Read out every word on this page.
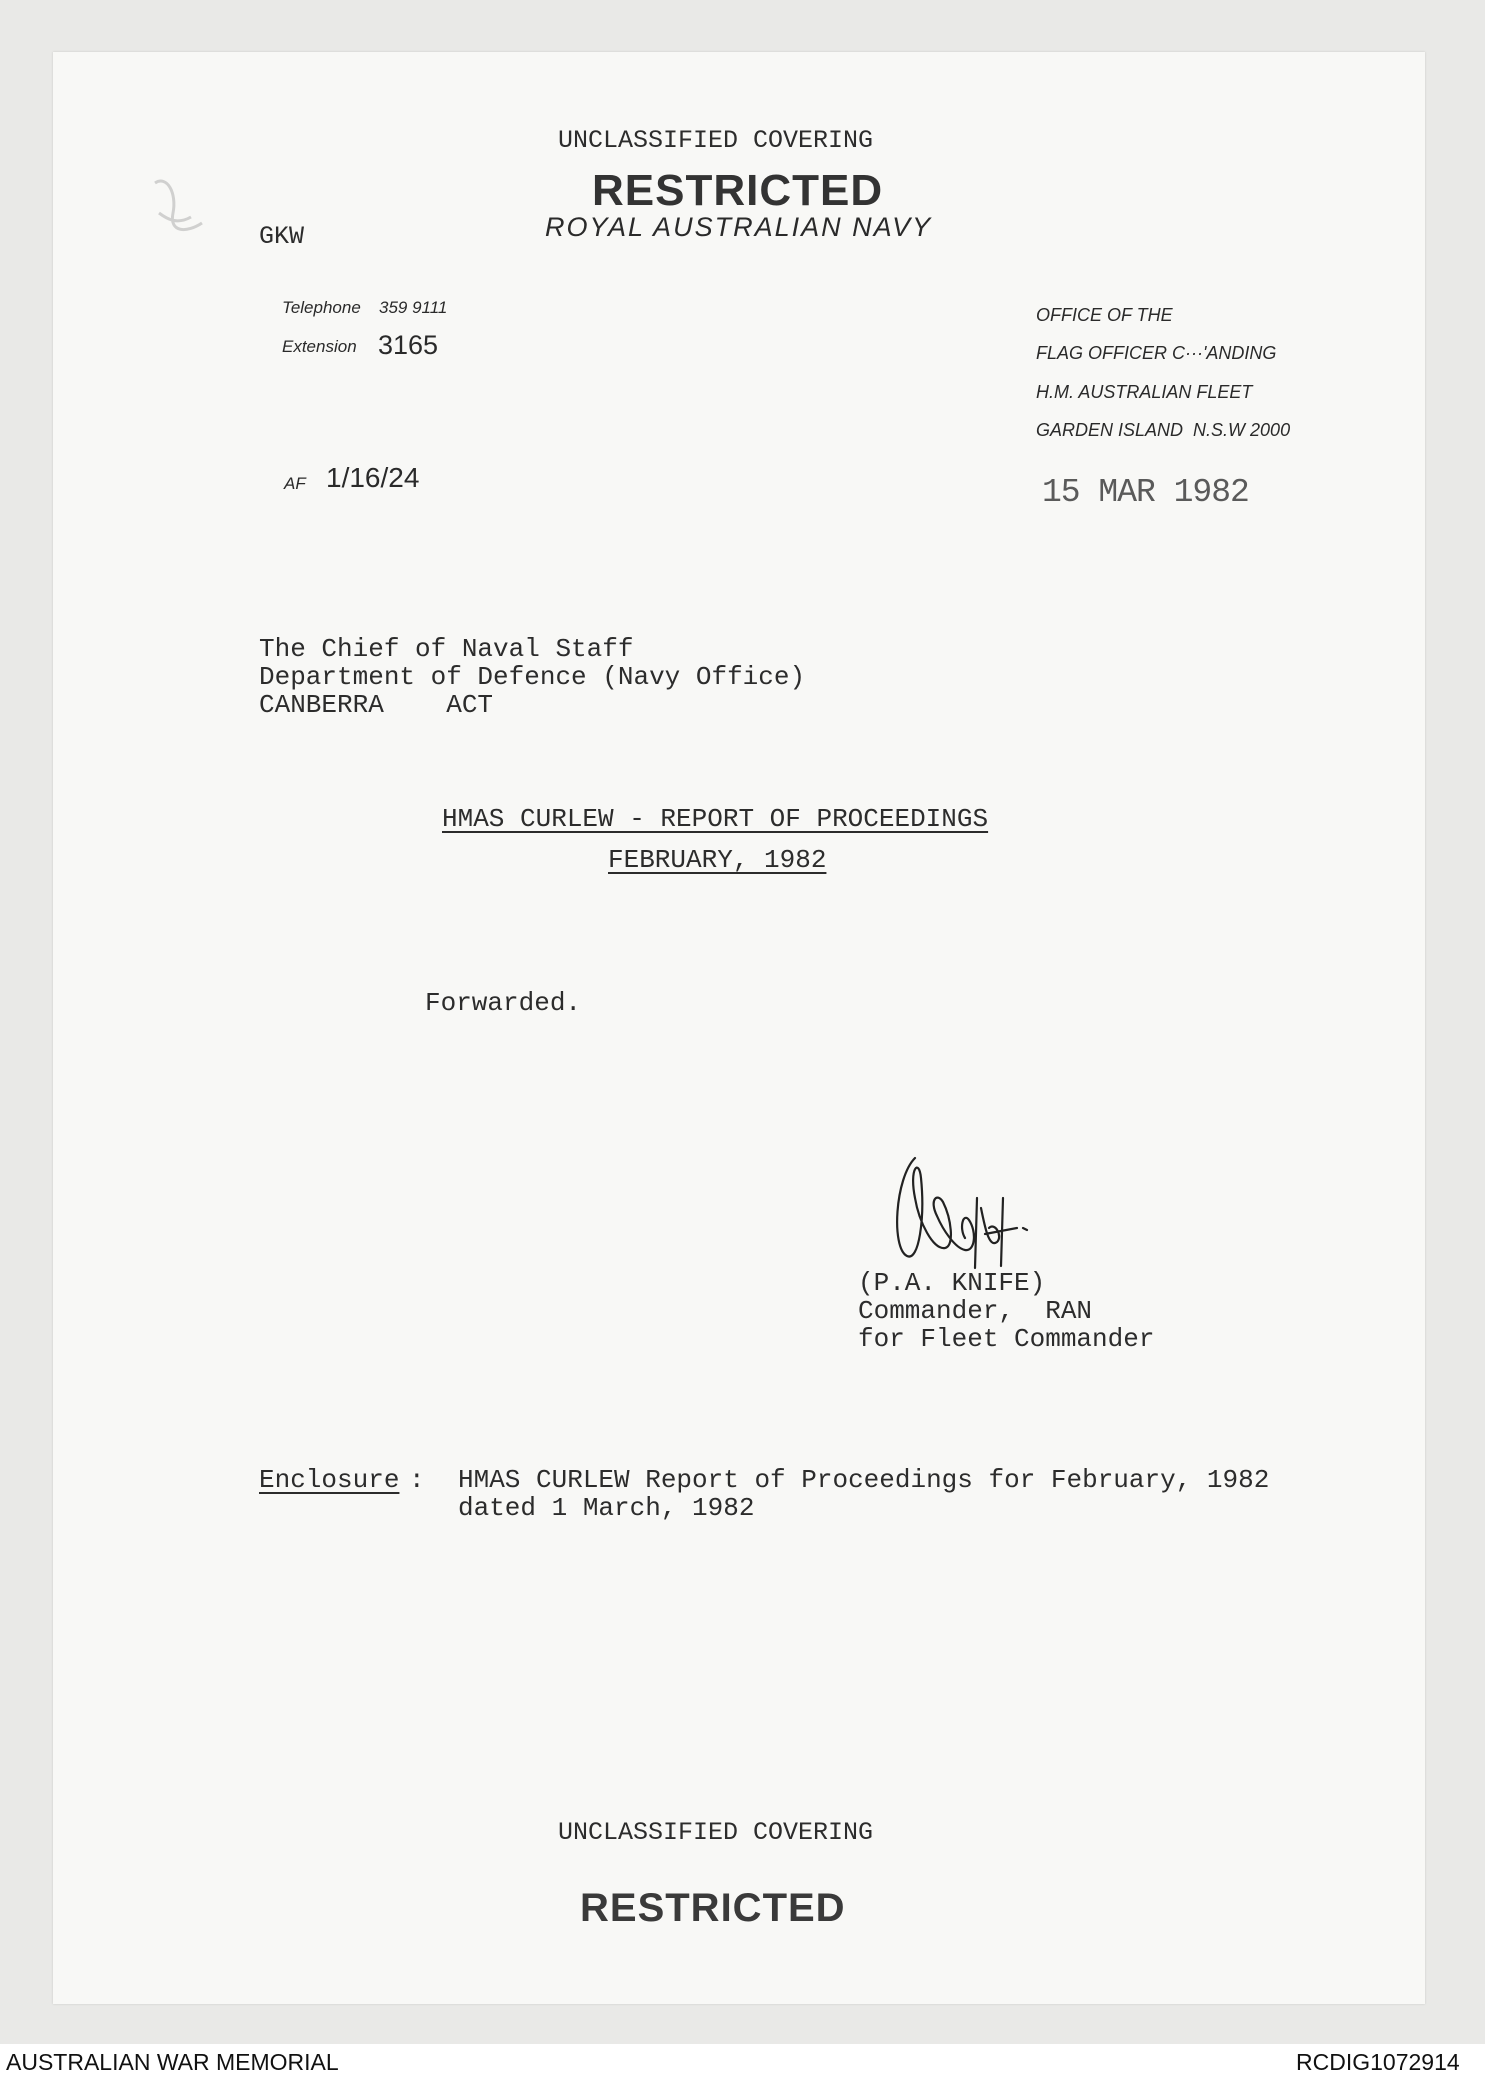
UNCLASSIFIED COVERING
RESTRICTED
ROYAL AUSTRALIAN NAVY
GKW

Telephone 359 9111
Extension 3165
AF 1/16/24
OFFICE OF THE
FLAG OFFICER C···'ANDING
H.M. AUSTRALIAN FLEET
GARDEN ISLAND  N.S.W 2000
15 MAR 1982
The Chief of Naval Staff
Department of Defence (Navy Office)
CANBERRA    ACT
HMAS CURLEW - REPORT OF PROCEEDINGS
FEBRUARY, 1982
Forwarded.

(P.A. KNIFE)
Commander,  RAN
for Fleet Commander
Enclosure : HMAS CURLEW Report of Proceedings for February, 1982
dated 1 March, 1982
UNCLASSIFIED COVERING
RESTRICTED
AUSTRALIAN WAR MEMORIAL	RCDIG1072914
